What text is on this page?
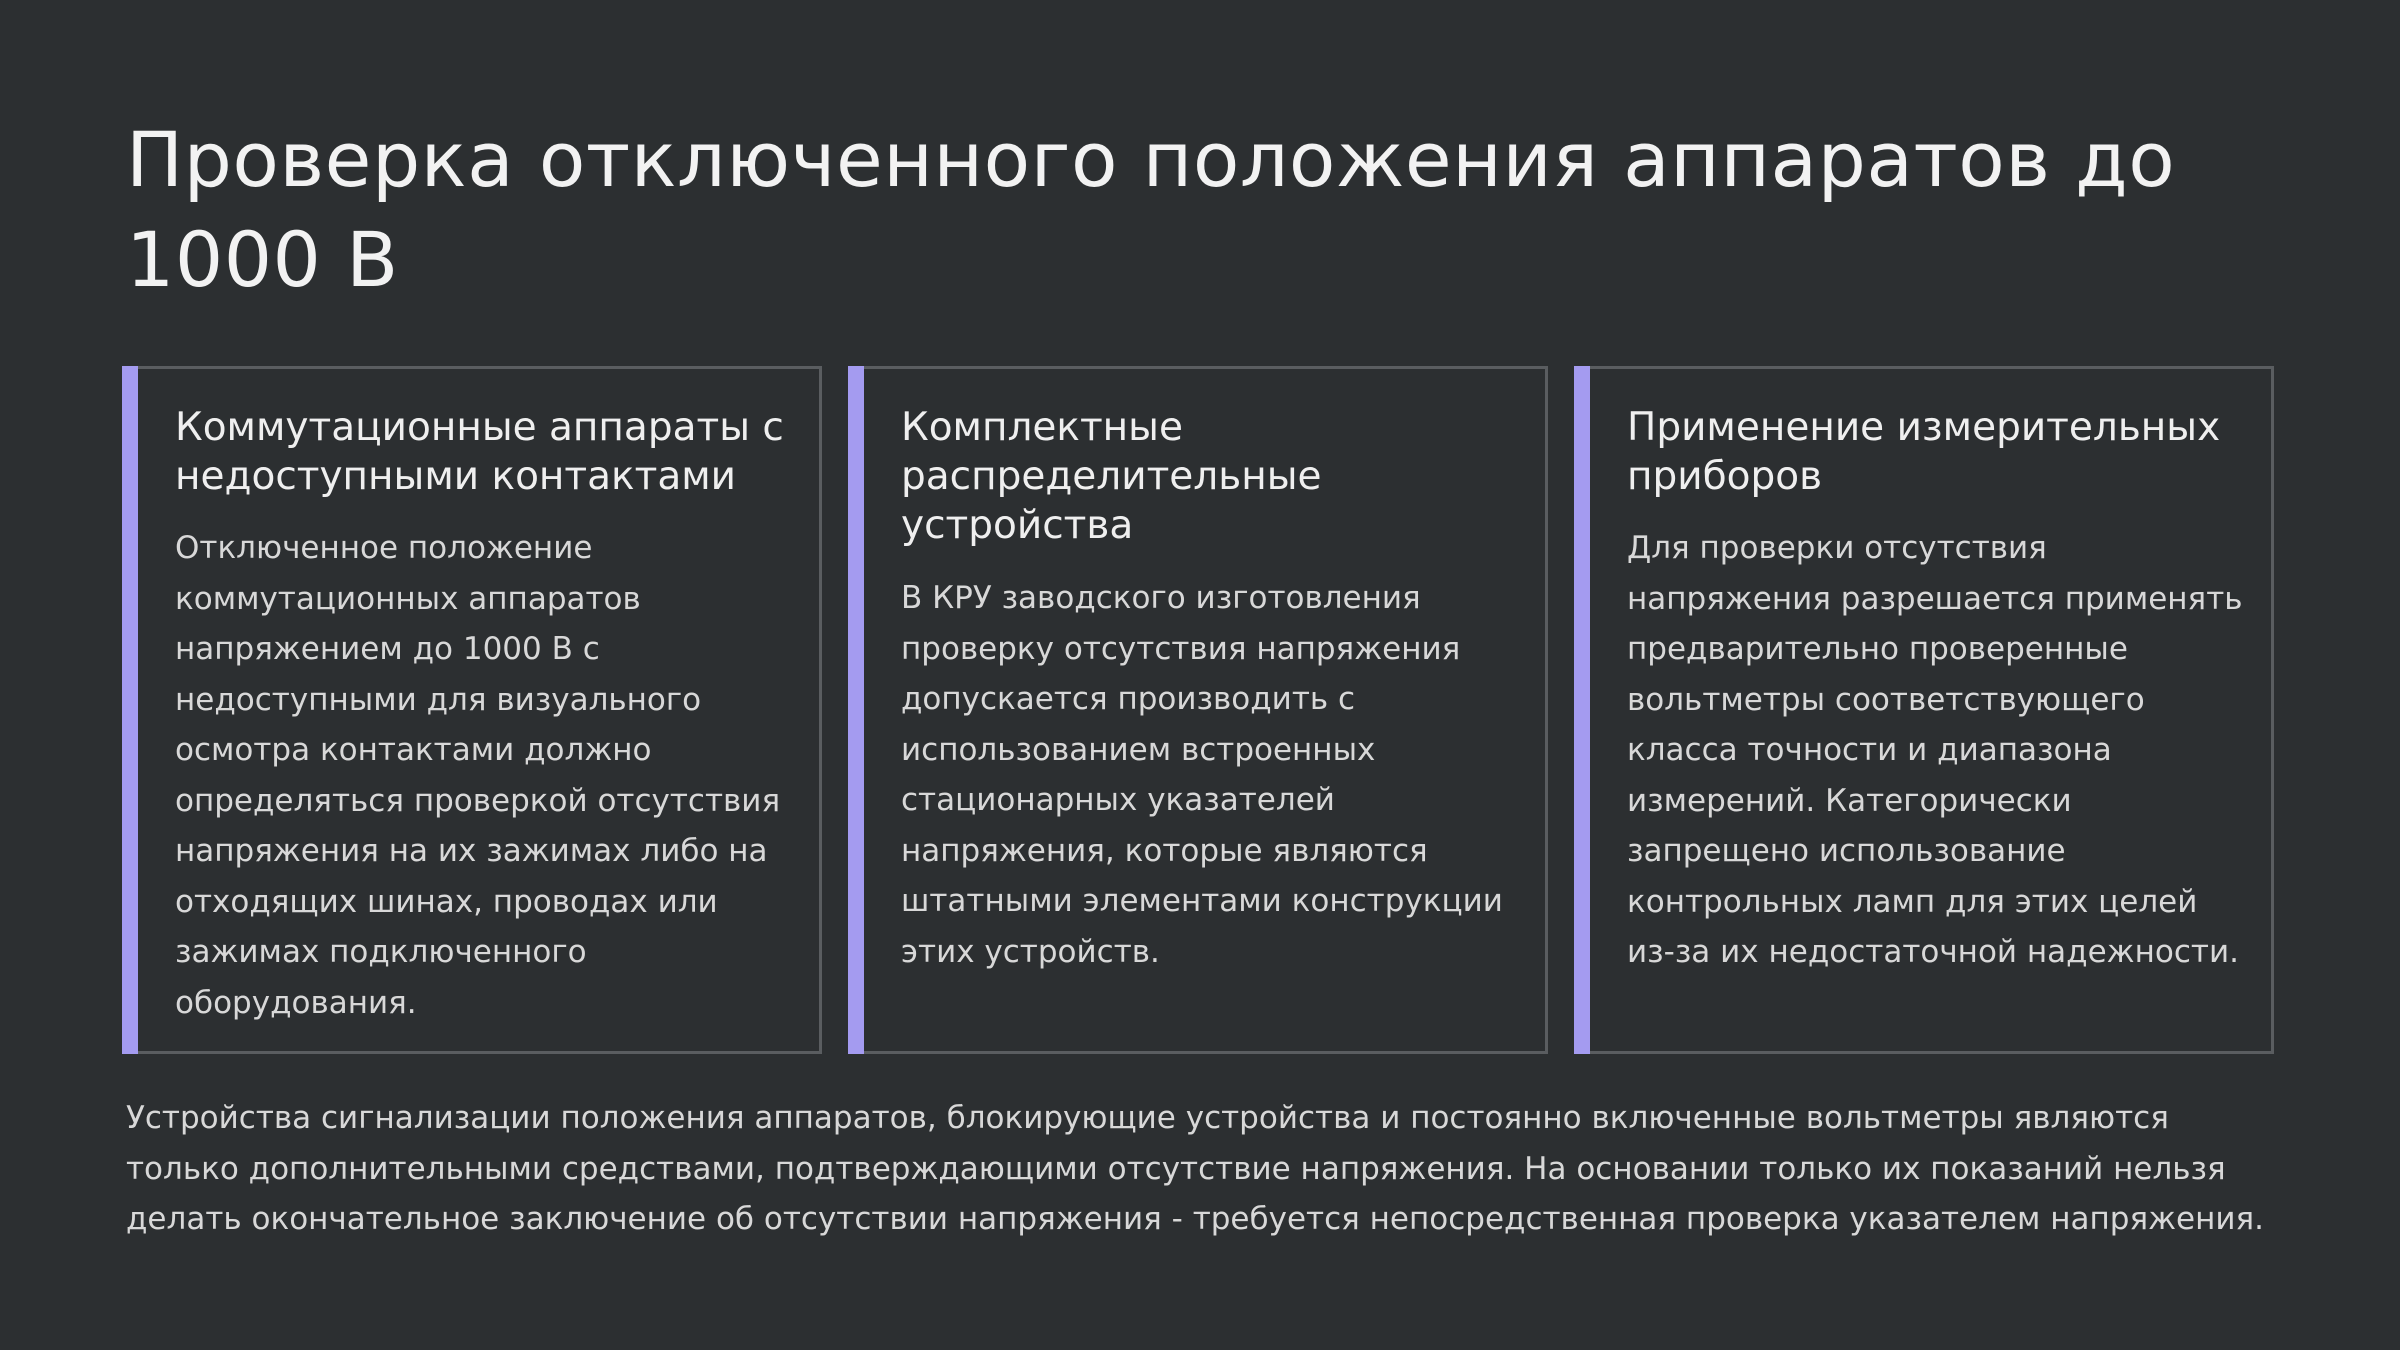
Проверка отключенного положения аппаратов до 1000 В
Коммутационные аппараты с недоступными контактами

Отключенное положение коммутационных аппаратов напряжением до 1000 В с недоступными для визуального осмотра контактами должно определяться проверкой отсутствия напряжения на их зажимах либо на отходящих шинах, проводах или зажимах подключенного оборудования.

Комплектные распределительные устройства

В КРУ заводского изготовления проверку отсутствия напряжения допускается производить с использованием встроенных стационарных указателей напряжения, которые являются штатными элементами конструкции этих устройств.

Применение измерительных приборов

Для проверки отсутствия напряжения разрешается применять предварительно проверенные вольтметры соответствующего класса точности и диапазона измерений. Категорически запрещено использование контрольных ламп для этих целей из-за их недостаточной надежности.

Устройства сигнализации положения аппаратов, блокирующие устройства и постоянно включенные вольтметры являются только дополнительными средствами, подтверждающими отсутствие напряжения. На основании только их показаний нельзя делать окончательное заключение об отсутствии напряжения - требуется непосредственная проверка указателем напряжения.
